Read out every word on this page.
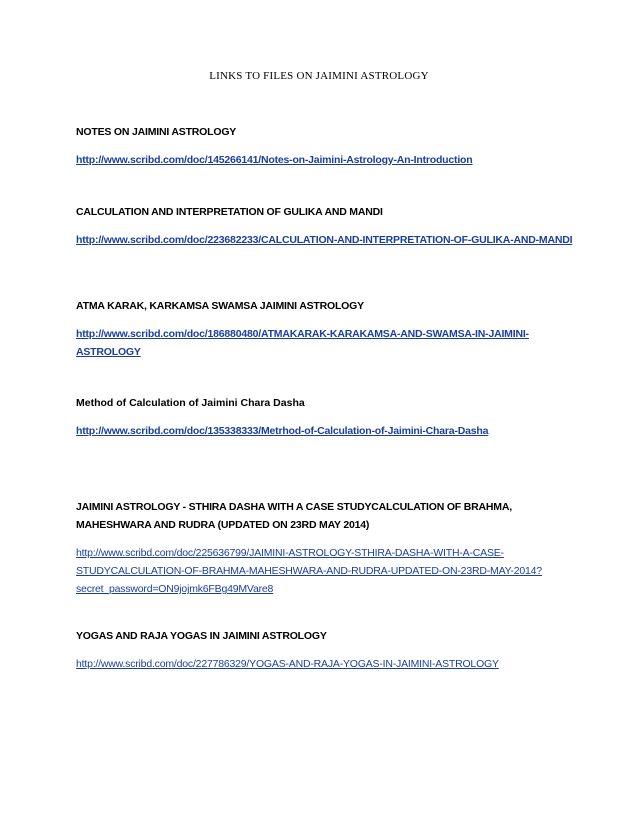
LINKS TO FILES ON JAIMINI ASTROLOGY
NOTES ON JAIMINI ASTROLOGY
http://www.scribd.com/doc/145266141/Notes-on-Jaimini-Astrology-An-Introduction
CALCULATION AND INTERPRETATION OF GULIKA AND MANDI
http://www.scribd.com/doc/223682233/CALCULATION-AND-INTERPRETATION-OF-GULIKA-AND-MANDI
ATMA KARAK, KARKAMSA SWAMSA JAIMINI ASTROLOGY
http://www.scribd.com/doc/186880480/ATMAKARAK-KARAKAMSA-AND-SWAMSA-IN-JAIMINI-ASTROLOGY
Method of Calculation of Jaimini Chara Dasha
http://www.scribd.com/doc/135338333/Metrhod-of-Calculation-of-Jaimini-Chara-Dasha
JAIMINI ASTROLOGY - STHIRA DASHA WITH A CASE STUDYCALCULATION OF BRAHMA, MAHESHWARA AND RUDRA (UPDATED ON 23RD MAY 2014)
http://www.scribd.com/doc/225636799/JAIMINI-ASTROLOGY-STHIRA-DASHA-WITH-A-CASE-STUDYCALCULATION-OF-BRAHMA-MAHESHWARA-AND-RUDRA-UPDATED-ON-23RD-MAY-2014?secret_password=ON9jojmk6FBg49MVare8
YOGAS AND RAJA YOGAS IN JAIMINI ASTROLOGY
http://www.scribd.com/doc/227786329/YOGAS-AND-RAJA-YOGAS-IN-JAIMINI-ASTROLOGY
